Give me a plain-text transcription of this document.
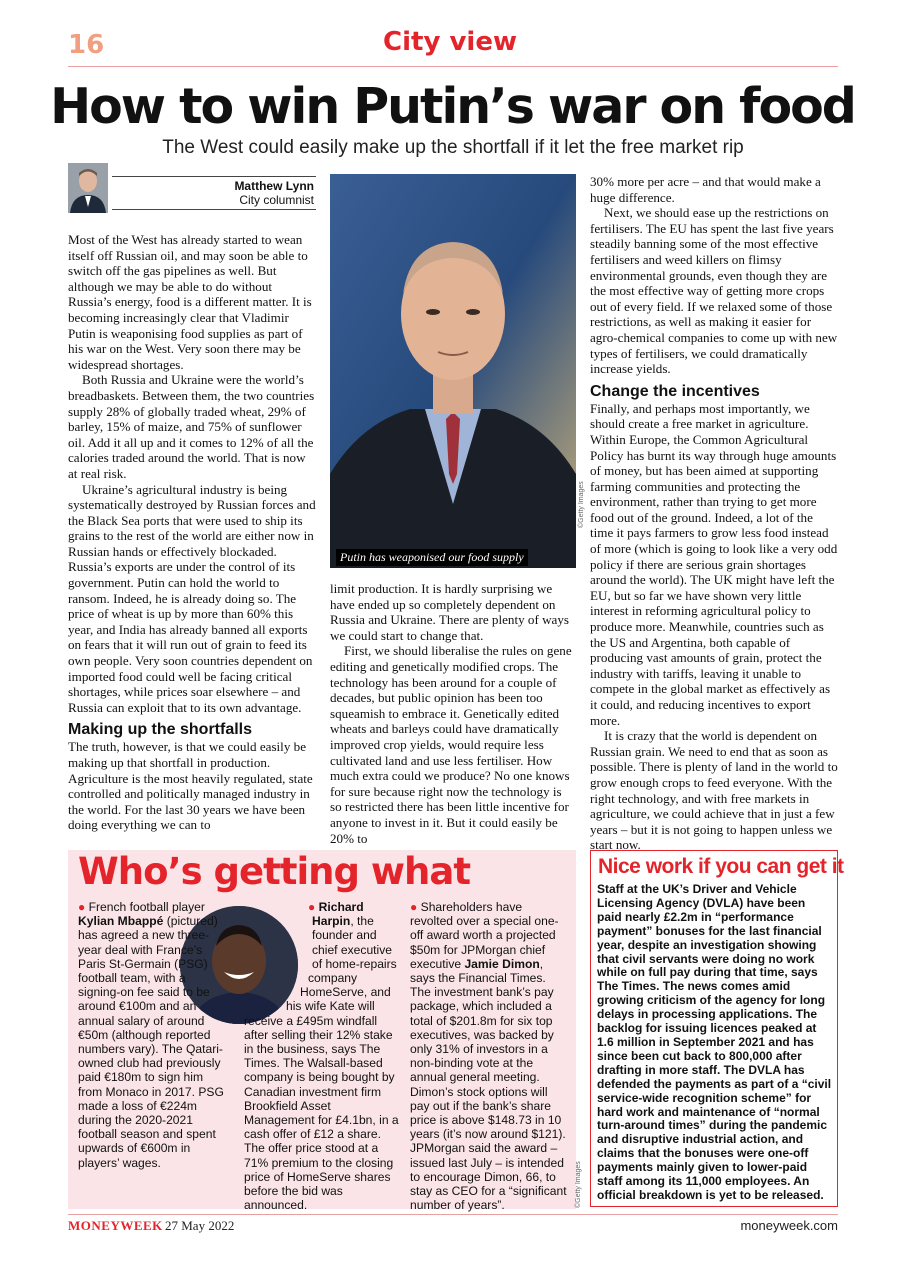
16	City view
How to win Putin’s war on food
The West could easily make up the shortfall if it let the free market rip
Matthew Lynn
City columnist

Most of the West has already started to wean itself off Russian oil, and may soon be able to switch off the gas pipelines as well. But although we may be able to do without Russia’s energy, food is a different matter. It is becoming increasingly clear that Vladimir Putin is weaponising food supplies as part of his war on the West. Very soon there may be widespread shortages.

Both Russia and Ukraine were the world’s breadbaskets. Between them, the two countries supply 28% of globally traded wheat, 29% of barley, 15% of maize, and 75% of sunflower oil. Add it all up and it comes to 12% of all the calories traded around the world. That is now at real risk.

Ukraine’s agricultural industry is being systematically destroyed by Russian forces and the Black Sea ports that were used to ship its grains to the rest of the world are either now in Russian hands or effectively blockaded. Russia’s exports are under the control of its government. Putin can hold the world to ransom. Indeed, he is already doing so. The price of wheat is up by more than 60% this year, and India has already banned all exports on fears that it will run out of grain to feed its own people. Very soon countries dependent on imported food could well be facing critical shortages, while prices soar elsewhere – and Russia can exploit that to its own advantage.

Making up the shortfalls

The truth, however, is that we could easily be making up that shortfall in production. Agriculture is the most heavily regulated, state controlled and politically managed industry in the world. For the last 30 years we have been doing everything we can to

Putin has weaponised our food supply
©Getty Images

limit production. It is hardly surprising we have ended up so completely dependent on Russia and Ukraine. There are plenty of ways we could start to change that.

First, we should liberalise the rules on gene editing and genetically modified crops. The technology has been around for a couple of decades, but public opinion has been too squeamish to embrace it. Genetically edited wheats and barleys could have dramatically improved crop yields, would require less cultivated land and use less fertiliser. How much extra could we produce? No one knows for sure because right now the technology is so restricted there has been little incentive for anyone to invest in it. But it could easily be 20% to

30% more per acre – and that would make a huge difference.

Next, we should ease up the restrictions on fertilisers. The EU has spent the last five years steadily banning some of the most effective fertilisers and weed killers on flimsy environmental grounds, even though they are the most effective way of getting more crops out of every field. If we relaxed some of those restrictions, as well as making it easier for agro-chemical companies to come up with new types of fertilisers, we could dramatically increase yields.

Change the incentives

Finally, and perhaps most importantly, we should create a free market in agriculture. Within Europe, the Common Agricultural Policy has burnt its way through huge amounts of money, but has been aimed at supporting farming communities and protecting the environment, rather than trying to get more food out of the ground. Indeed, a lot of the time it pays farmers to grow less food instead of more (which is going to look like a very odd policy if there are serious grain shortages around the world). The UK might have left the EU, but so far we have shown very little interest in reforming agricultural policy to produce more. Meanwhile, countries such as the US and Argentina, both capable of producing vast amounts of grain, protect the industry with tariffs, leaving it unable to compete in the global market as effectively as it could, and reducing incentives to export more.

It is crazy that the world is dependent on Russian grain. We need to end that as soon as possible. There is plenty of land in the world to grow enough crops to feed everyone. With the right technology, and with free markets in agriculture, we could achieve that in just a few years – but it is not going to happen unless we start now.

Who’s getting what
● French football player Kylian Mbappé (pictured) has agreed a new three-year deal with France’s Paris St-Germain (PSG) football team, with a signing-on fee said to be around €100m and an annual salary of around €50m (although reported numbers vary). The Qatari-owned club had previously paid €180m to sign him from Monaco in 2017. PSG made a loss of €224m during the 2020-2021 football season and spent upwards of €600m in players’ wages.
● Richard Harpin, the founder and chief executive of home-repairs company HomeServe, and his wife Kate will receive a £495m windfall after selling their 12% stake in the business, says The Times. The Walsall-based company is being bought by Canadian investment firm Brookfield Asset Management for £4.1bn, in a cash offer of £12 a share. The offer price stood at a 71% premium to the closing price of HomeServe shares before the bid was announced.
● Shareholders have revolted over a special one-off award worth a projected $50m for JPMorgan chief executive Jamie Dimon, says the Financial Times. The investment bank’s pay package, which included a total of $201.8m for six top executives, was backed by only 31% of investors in a non-binding vote at the annual general meeting. Dimon’s stock options will pay out if the bank’s share price is above $148.73 in 10 years (it’s now around $121). JPMorgan said the award – issued last July – is intended to encourage Dimon, 66, to stay as CEO for a “significant number of years”.	©Getty Images
Nice work if you can get it
Staff at the UK’s Driver and Vehicle Licensing Agency (DVLA) have been paid nearly £2.2m in “performance payment” bonuses for the last financial year, despite an investigation showing that civil servants were doing no work while on full pay during that time, says The Times. The news comes amid growing criticism of the agency for long delays in processing applications. The backlog for issuing licences peaked at 1.6 million in September 2021 and has since been cut back to 800,000 after drafting in more staff. The DVLA has defended the payments as part of a “civil service-wide recognition scheme” for hard work and maintenance of “normal turn-around times” during the pandemic and disruptive industrial action, and claims that the bonuses were one-off payments mainly given to lower-paid staff among its 11,000 employees. An official breakdown is yet to be released.
MONEYWEEK 27 May 2022	moneyweek.com
